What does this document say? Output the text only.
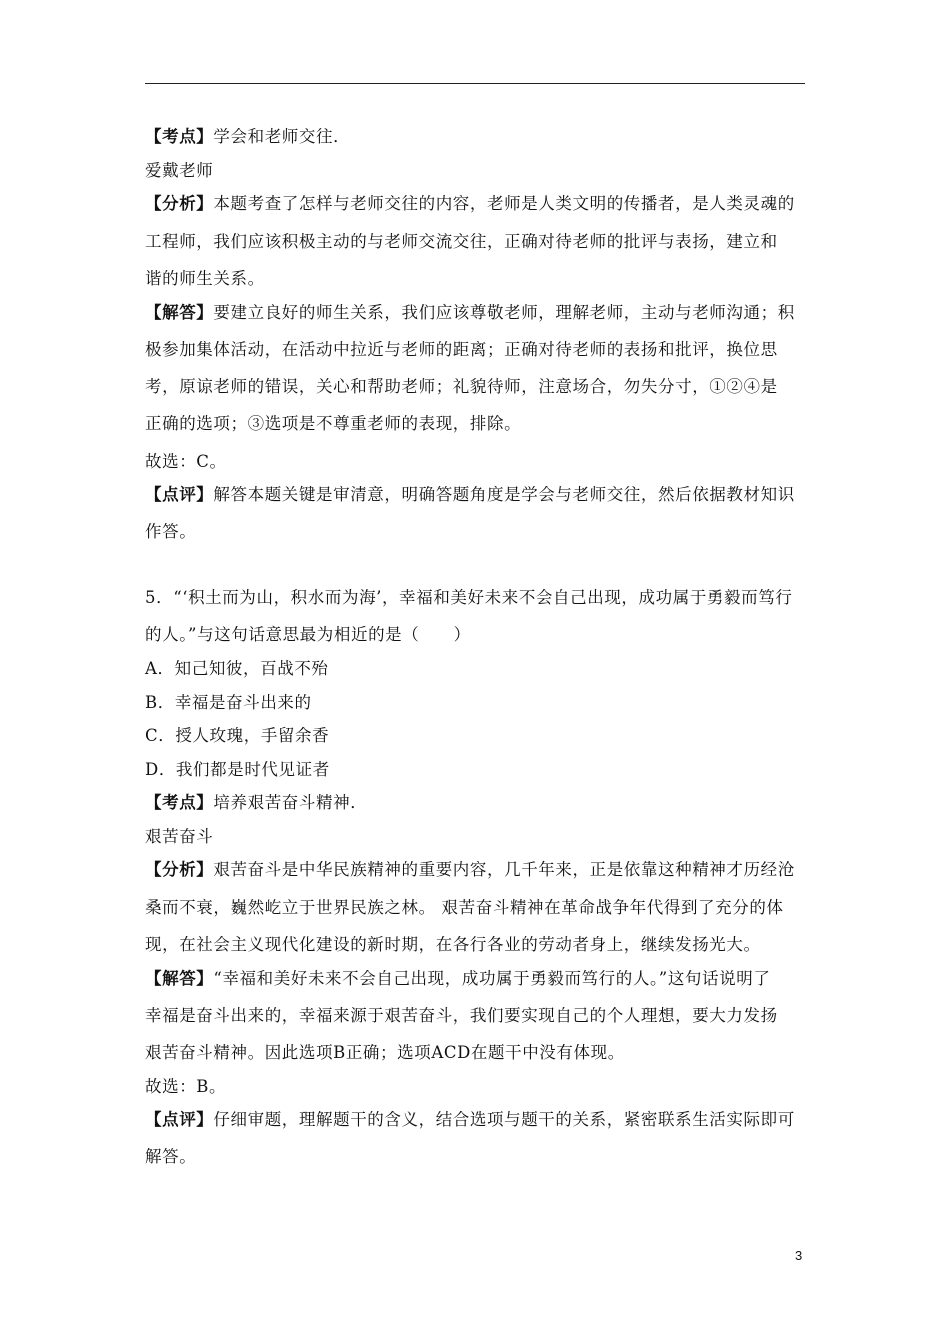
【考点】学会和老师交往．
爱戴老师
【分析】本题考查了怎样与老师交往的内容，老师是人类文明的传播者，是人类灵魂的
工程师，我们应该积极主动的与老师交流交往，正确对待老师的批评与表扬，建立和
谐的师生关系。
【解答】要建立良好的师生关系，我们应该尊敬老师，理解老师，主动与老师沟通；积
极参加集体活动，在活动中拉近与老师的距离；正确对待老师的表扬和批评，换位思
考，原谅老师的错误，关心和帮助老师；礼貌待师，注意场合，勿失分寸，①②④是
正确的选项；③选项是不尊重老师的表现，排除。
故选：C。
【点评】解答本题关键是审清意，明确答题角度是学会与老师交往，然后依据教材知识
作答。
5．“‘积土而为山，积水而为海’，幸福和美好未来不会自己出现，成功属于勇毅而笃行
的人。”与这句话意思最为相近的是（　　）
A．知己知彼，百战不殆
B．幸福是奋斗出来的
C．授人玫瑰，手留余香
D．我们都是时代见证者
【考点】培养艰苦奋斗精神．
艰苦奋斗
【分析】艰苦奋斗是中华民族精神的重要内容，几千年来，正是依靠这种精神才历经沧
桑而不衰，巍然屹立于世界民族之林。 艰苦奋斗精神在革命战争年代得到了充分的体
现，在社会主义现代化建设的新时期，在各行各业的劳动者身上，继续发扬光大。
【解答】“幸福和美好未来不会自己出现，成功属于勇毅而笃行的人。”这句话说明了
幸福是奋斗出来的，幸福来源于艰苦奋斗，我们要实现自己的个人理想，要大力发扬
艰苦奋斗精神。因此选项B正确；选项ACD在题干中没有体现。
故选：B。
【点评】仔细审题，理解题干的含义，结合选项与题干的关系，紧密联系生活实际即可
解答。
3
